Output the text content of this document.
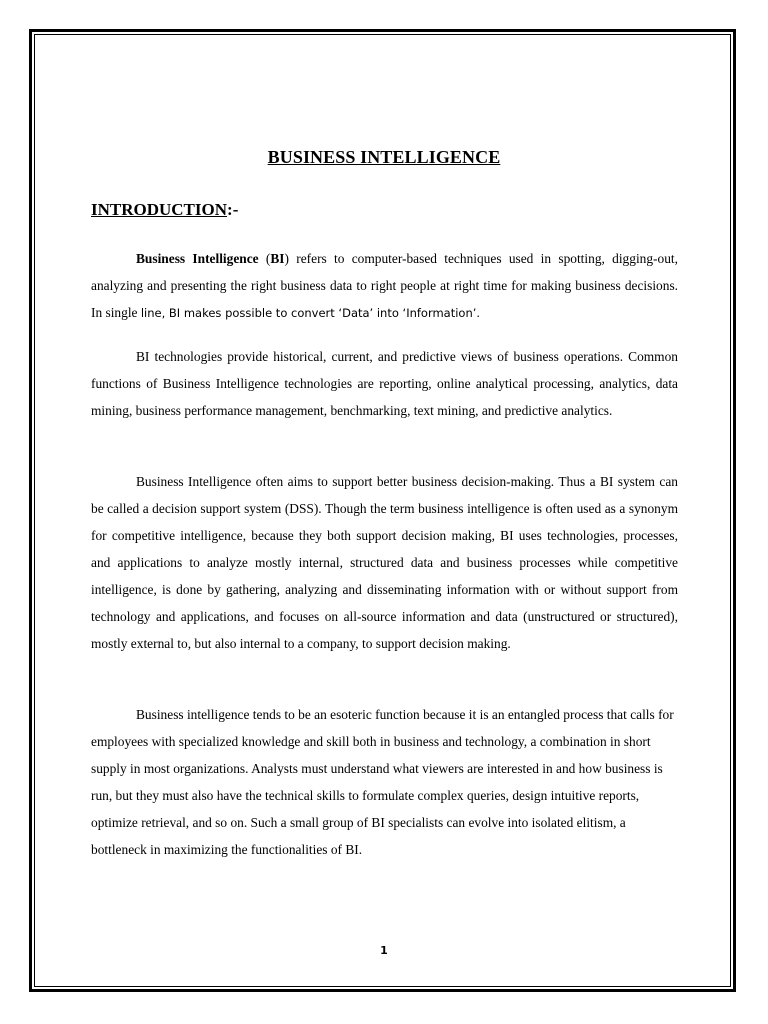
BUSINESS INTELLIGENCE
INTRODUCTION:-

Business Intelligence (BI) refers to computer-based techniques used in spotting, digging-out, analyzing and presenting the right business data to right people at right time for making business decisions. In single line, BI makes possible to convert ‘Data’ into ‘Information’.

BI technologies provide historical, current, and predictive views of business operations. Common functions of Business Intelligence technologies are reporting, online analytical processing, analytics, data mining, business performance management, benchmarking, text mining, and predictive analytics.

Business Intelligence often aims to support better business decision-making. Thus a BI system can be called a decision support system (DSS). Though the term business intelligence is often used as a synonym for competitive intelligence, because they both support decision making, BI uses technologies, processes, and applications to analyze mostly internal, structured data and business processes while competitive intelligence, is done by gathering, analyzing and disseminating information with or without support from technology and applications, and focuses on all-source information and data (unstructured or structured), mostly external to, but also internal to a company, to support decision making.

Business intelligence tends to be an esoteric function because it is an entangled process that calls for employees with specialized knowledge and skill both in business and technology, a combination in short supply in most organizations. Analysts must understand what viewers are interested in and how business is run, but they must also have the technical skills to formulate complex queries, design intuitive reports, optimize retrieval, and so on. Such a small group of BI specialists can evolve into isolated elitism, a bottleneck in maximizing the functionalities of BI.

1
